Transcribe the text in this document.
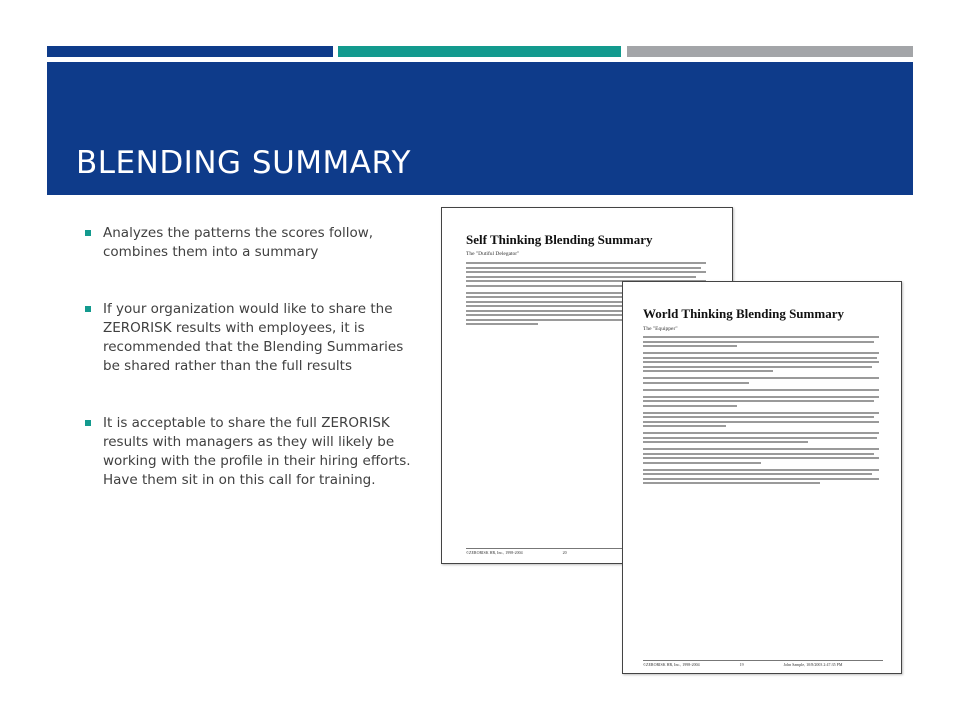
BLENDING SUMMARY
Analyzes the patterns the scores follow, combines them into a summary
If your organization would like to share the ZERORISK results with employees, it is recommended that the Blending Summaries be shared rather than the full results
It is acceptable to share the full ZERORISK results with managers as they will likely be working with the profile in their hiring efforts. Have them sit in on this call for training.
Self Thinking Blending Summary
The "Dutiful Delegator"
©ZERORISK HR, Inc., 1998-2004	20
World Thinking Blending Summary
The "Equipper"
©ZERORISK HR, Inc., 1998-2004	19	John Sample, 10/8/2003 2:47:35 PM
